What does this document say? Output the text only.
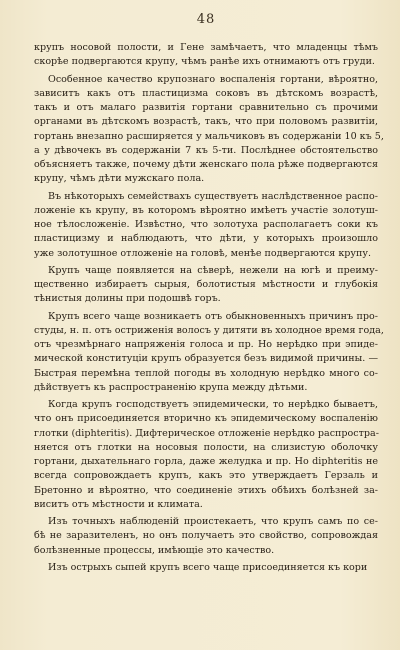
48
крупъ носовой полости, и Гене замѣчаетъ, что младенцы тѣмъ
скорѣе подвергаются крупу, чѣмъ ранѣе ихъ отнимаютъ отъ груди.
Особенное качество крупознаго воспаленія гортани, вѣроятно,
зависитъ какъ отъ пластицизма соковъ въ дѣтскомъ возрастѣ,
такъ и отъ малаго развитія гортани сравнительно съ прочими
органами въ дѣтскомъ возрастѣ, такъ, что при половомъ развитіи,
гортань внезапно расширяется у мальчиковъ въ содержаніи 10 къ 5,
а у дѣвочекъ въ содержаніи 7 къ 5-ти. Послѣднее обстоятельство
объясняетъ также, почему дѣти женскаго пола рѣже подвергаются
крупу, чѣмъ дѣти мужскаго пола.
Въ нѣкоторыхъ семействахъ существуетъ наслѣдственное распо-
ложеніе къ крупу, въ которомъ вѣроятно имѣетъ участіе золотуш-
ное тѣлосложеніе. Извѣстно, что золотуха располагаетъ соки къ
пластицизму и наблюдаютъ, что дѣти, у которыхъ произошло
уже золотушное отложеніе на головѣ, менѣе подвергаются крупу.
Крупъ чаще появляется на сѣверѣ, нежели на югѣ и преиму-
щественно избираетъ сырыя, болотистыя мѣстности и глубокія
тѣнистыя долины при подошвѣ горъ.
Крупъ всего чаще возникаетъ отъ обыкновенныхъ причинъ про-
студы, н. п. отъ остриженія волосъ у дитяти въ холодное время года,
отъ чрезмѣрнаго напряженія голоса и пр. Но нерѣдко при эпиде-
мической конституціи крупъ образуется безъ видимой причины. —
Быстрая перемѣна теплой погоды въ холодную нерѣдко много со-
дѣйствуетъ къ распространенію крупа между дѣтьми.
Когда крупъ господствуетъ эпидемически, то нерѣдко бываетъ,
что онъ присоединяется вторично къ эпидемическому воспаленію
глотки (diphteritis). Дифтерическое отложеніе нерѣдко распростра-
няется отъ глотки на носовыя полости, на слизистую оболочку
гортани, дыхательнаго горла, даже желудка и пр. Но diphteritis не
всегда сопровождаетъ крупъ, какъ это утверждаетъ Герзаль и
Бретонно и вѣроятно, что соединеніе этихъ обѣихъ болѣзней за-
виситъ отъ мѣстности и климата.
Изъ точныхъ наблюденій проистекаетъ, что крупъ самъ по се-
бѣ не заразителенъ, но онъ получаетъ это свойство, сопровождая
болѣзненные процессы, имѣющіе это качество.
Изъ острыхъ сыпей крупъ всего чаще присоединяется къ кори
